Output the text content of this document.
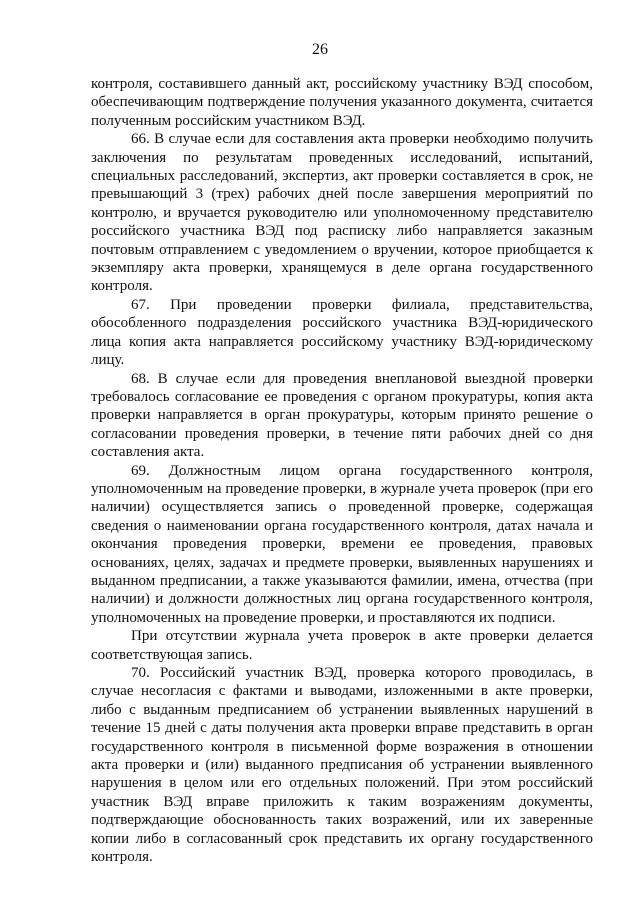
26

контроля, составившего данный акт, российскому участнику ВЭД способом, обеспечивающим подтверждение получения указанного документа, считается полученным российским участником ВЭД.

66. В случае если для составления акта проверки необходимо получить заключения по результатам проведенных исследований, испытаний, специальных расследований, экспертиз, акт проверки составляется в срок, не превышающий 3 (трех) рабочих дней после завершения мероприятий по контролю, и вручается руководителю или уполномоченному представителю российского участника ВЭД под расписку либо направляется заказным почтовым отправлением с уведомлением о вручении, которое приобщается к экземпляру акта проверки, хранящемуся в деле органа государственного контроля.

67. При проведении проверки филиала, представительства, обособленного подразделения российского участника ВЭД-юридического лица копия акта направляется российскому участнику ВЭД-юридическому лицу.

68. В случае если для проведения внеплановой выездной проверки требовалось согласование ее проведения с органом прокуратуры, копия акта проверки направляется в орган прокуратуры, которым принято решение о согласовании проведения проверки, в течение пяти рабочих дней со дня составления акта.

69. Должностным лицом органа государственного контроля, уполномоченным на проведение проверки, в журнале учета проверок (при его наличии) осуществляется запись о проведенной проверке, содержащая сведения о наименовании органа государственного контроля, датах начала и окончания проведения проверки, времени ее проведения, правовых основаниях, целях, задачах и предмете проверки, выявленных нарушениях и выданном предписании, а также указываются фамилии, имена, отчества (при наличии) и должности должностных лиц органа государственного контроля, уполномоченных на проведение проверки, и проставляются их подписи.

При отсутствии журнала учета проверок в акте проверки делается соответствующая запись.

70. Российский участник ВЭД, проверка которого проводилась, в случае несогласия с фактами и выводами, изложенными в акте проверки, либо с выданным предписанием об устранении выявленных нарушений в течение 15 дней с даты получения акта проверки вправе представить в орган государственного контроля в письменной форме возражения в отношении акта проверки и (или) выданного предписания об устранении выявленного нарушения в целом или его отдельных положений. При этом российский участник ВЭД вправе приложить к таким возражениям документы, подтверждающие обоснованность таких возражений, или их заверенные копии либо в согласованный срок представить их органу государственного контроля.
